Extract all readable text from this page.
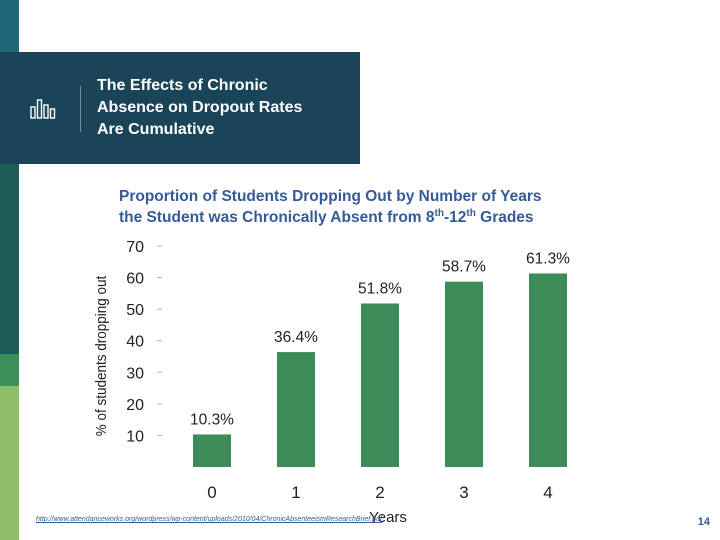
The Effects of Chronic
Absence on Dropout Rates
Are Cumulative
Proportion of Students Dropping Out by Number of Years
the Student was Chronically Absent from 8th-12th Grades
10
20
30
40
50
60
70
% of students dropping out	10.3%
0
36.4%
1
51.8%
2
58.7%
3
61.3%
4
Years
http://www.attendanceworks.org/wordpress/wp-content/uploads/2010/04/ChronicAbsenteeismResearchBrief.pdf	14
